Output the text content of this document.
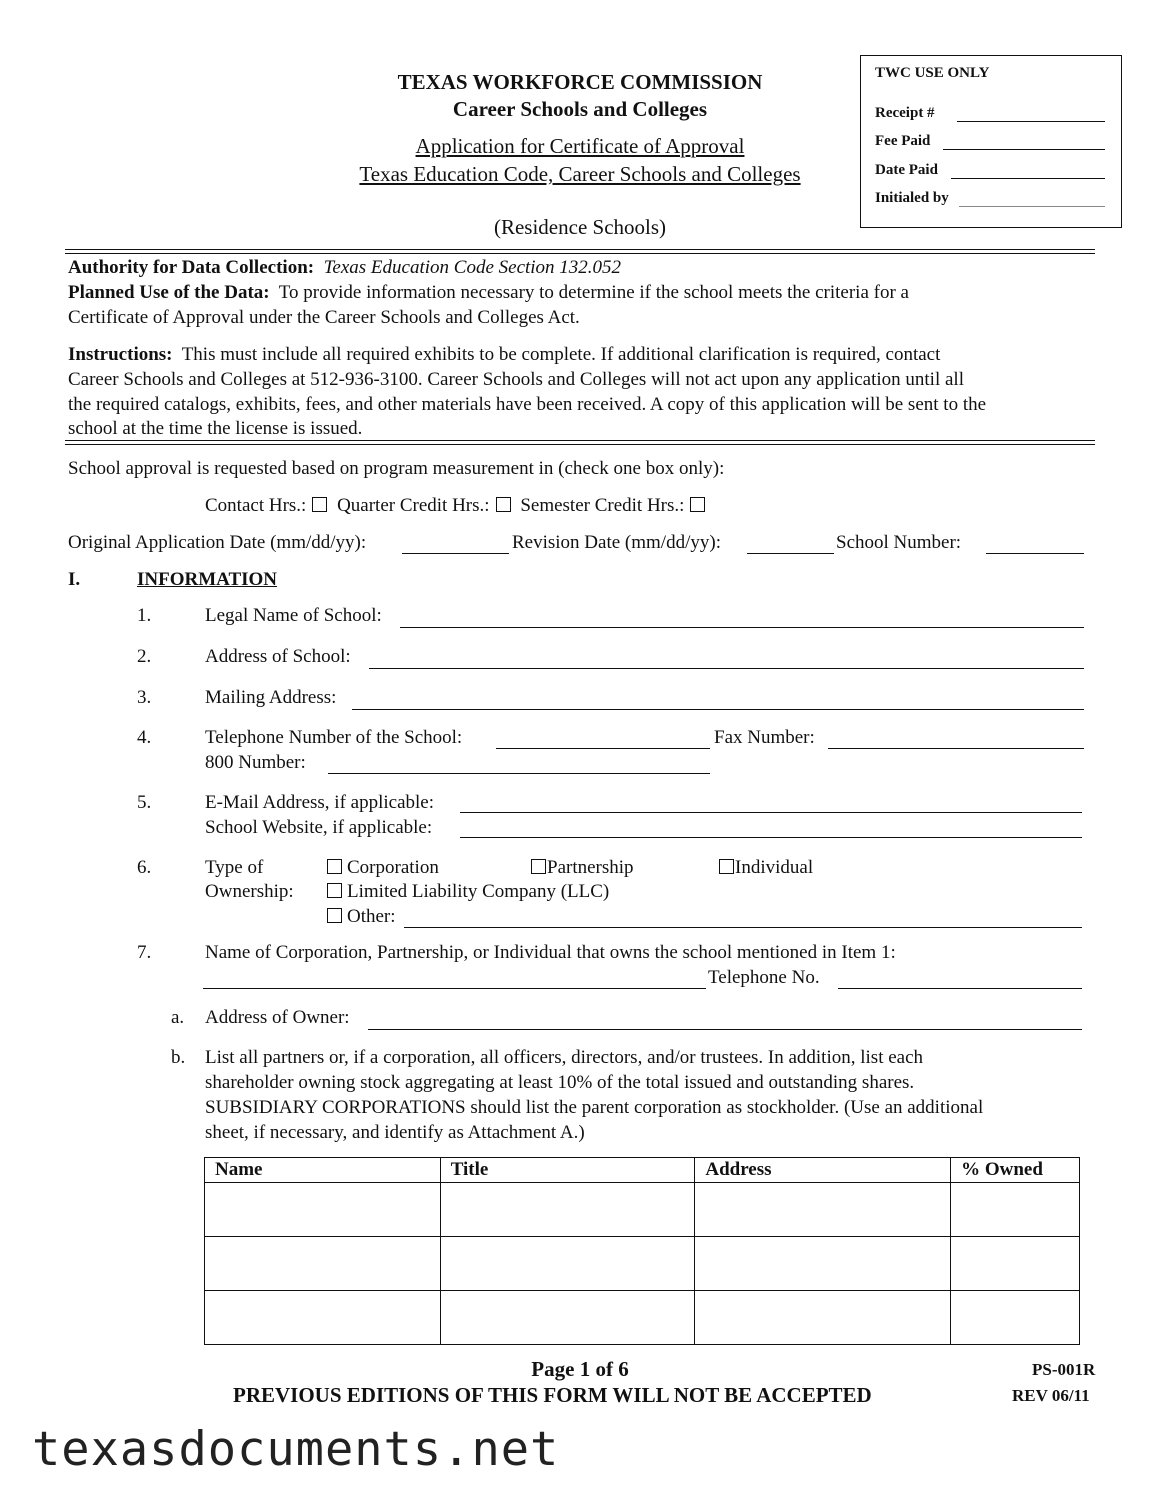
TEXAS WORKFORCE COMMISSION
Career Schools and Colleges
Application for Certificate of Approval
Texas Education Code, Career Schools and Colleges
(Residence Schools)
TWC USE ONLY
Receipt #
Fee Paid
Date Paid
Initialed by
Authority for Data Collection: Texas Education Code Section 132.052
Planned Use of the Data: To provide information necessary to determine if the school meets the criteria for a
Certificate of Approval under the Career Schools and Colleges Act.
Instructions: This must include all required exhibits to be complete. If additional clarification is required, contact
Career Schools and Colleges at 512-936-3100. Career Schools and Colleges will not act upon any application until all
the required catalogs, exhibits, fees, and other materials have been received. A copy of this application will be sent to the
school at the time the license is issued.
School approval is requested based on program measurement in (check one box only):
Contact Hrs.: Quarter Credit Hrs.: Semester Credit Hrs.:
Original Application Date (mm/dd/yy):	Revision Date (mm/dd/yy):	School Number:
I.	INFORMATION
1.	Legal Name of School:
2.	Address of School:
3.	Mailing Address:
4.	Telephone Number of the School:	Fax Number:
800 Number:
5.	E-Mail Address, if applicable:
School Website, if applicable:
6.	Type of
Ownership:
Corporation	Partnership	Individual
Limited Liability Company (LLC)
Other:
7.	Name of Corporation, Partnership, or Individual that owns the school mentioned in Item 1:
Telephone No.
a. Address of Owner:
b. List all partners or, if a corporation, all officers, directors, and/or trustees. In addition, list each
shareholder owning stock aggregating at least 10% of the total issued and outstanding shares.
SUBSIDIARY CORPORATIONS should list the parent corporation as stockholder. (Use an additional
sheet, if necessary, and identify as Attachment A.)
Name	Title	Address	% Owned

Page 1 of 6
PREVIOUS EDITIONS OF THIS FORM WILL NOT BE ACCEPTED
PS-001R
REV 06/11
texasdocuments.net
